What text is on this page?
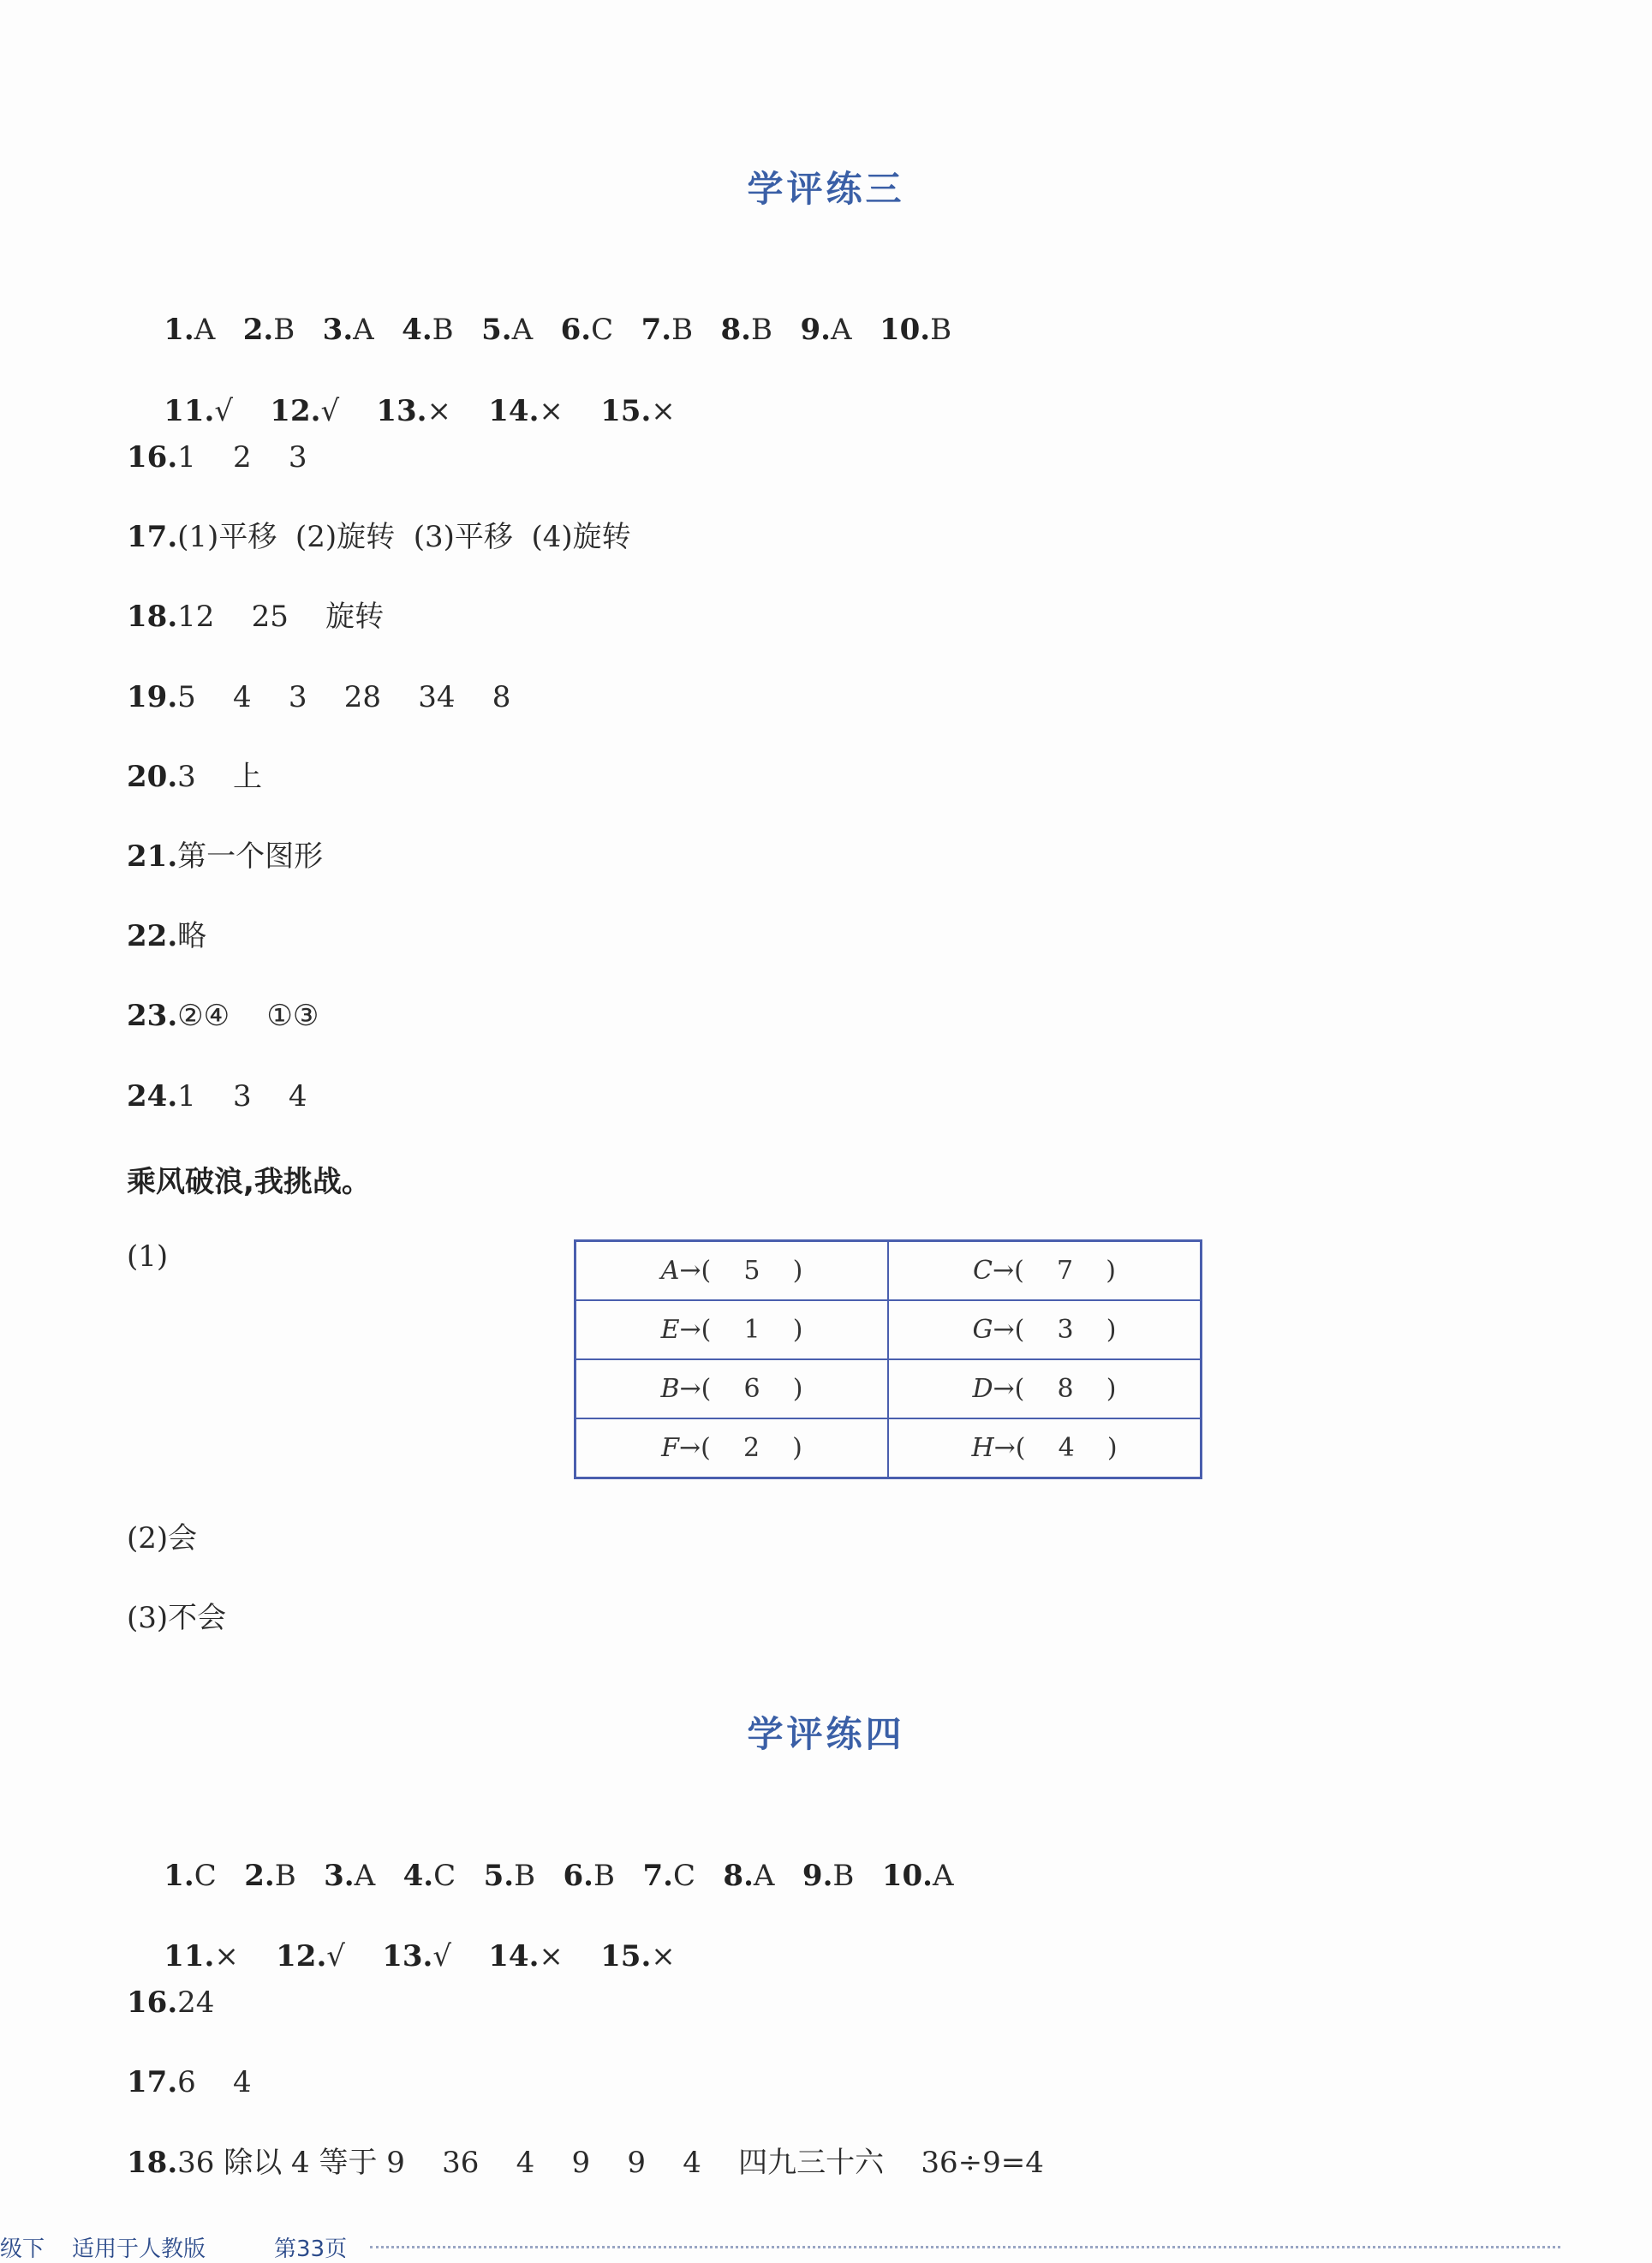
学评练三

1.A 2.B 3.A 4.B 5.A 6.C 7.B 8.B 9.A 10.B

11.√ 12.√ 13.× 14.× 15.×

16.1    2    3
17.(1)平移  (2)旋转  (3)平移  (4)旋转
18.12    25    旋转
19.5    4    3    28    34    8
20.3    上
21.第一个图形
22.略
23.②④    ①③
24.1    3    4
乘风破浪,我挑战。
(1)	A→(    5    )	C→(    7    )
E→(    1    )	G→(    3    )
B→(    6    )	D→(    8    )
F→(    2    )	H→(    4    )
(2)会
(3)不会
学评练四

1.C 2.B 3.A 4.C 5.B 6.B 7.C 8.A 9.B 10.A

11.× 12.√ 13.√ 14.× 15.×

16.24
17.6    4
18.36 除以 4 等于 9    36    4    9    9    4    四九三十六    36÷9=4
级下 适用于人教版	第33页
